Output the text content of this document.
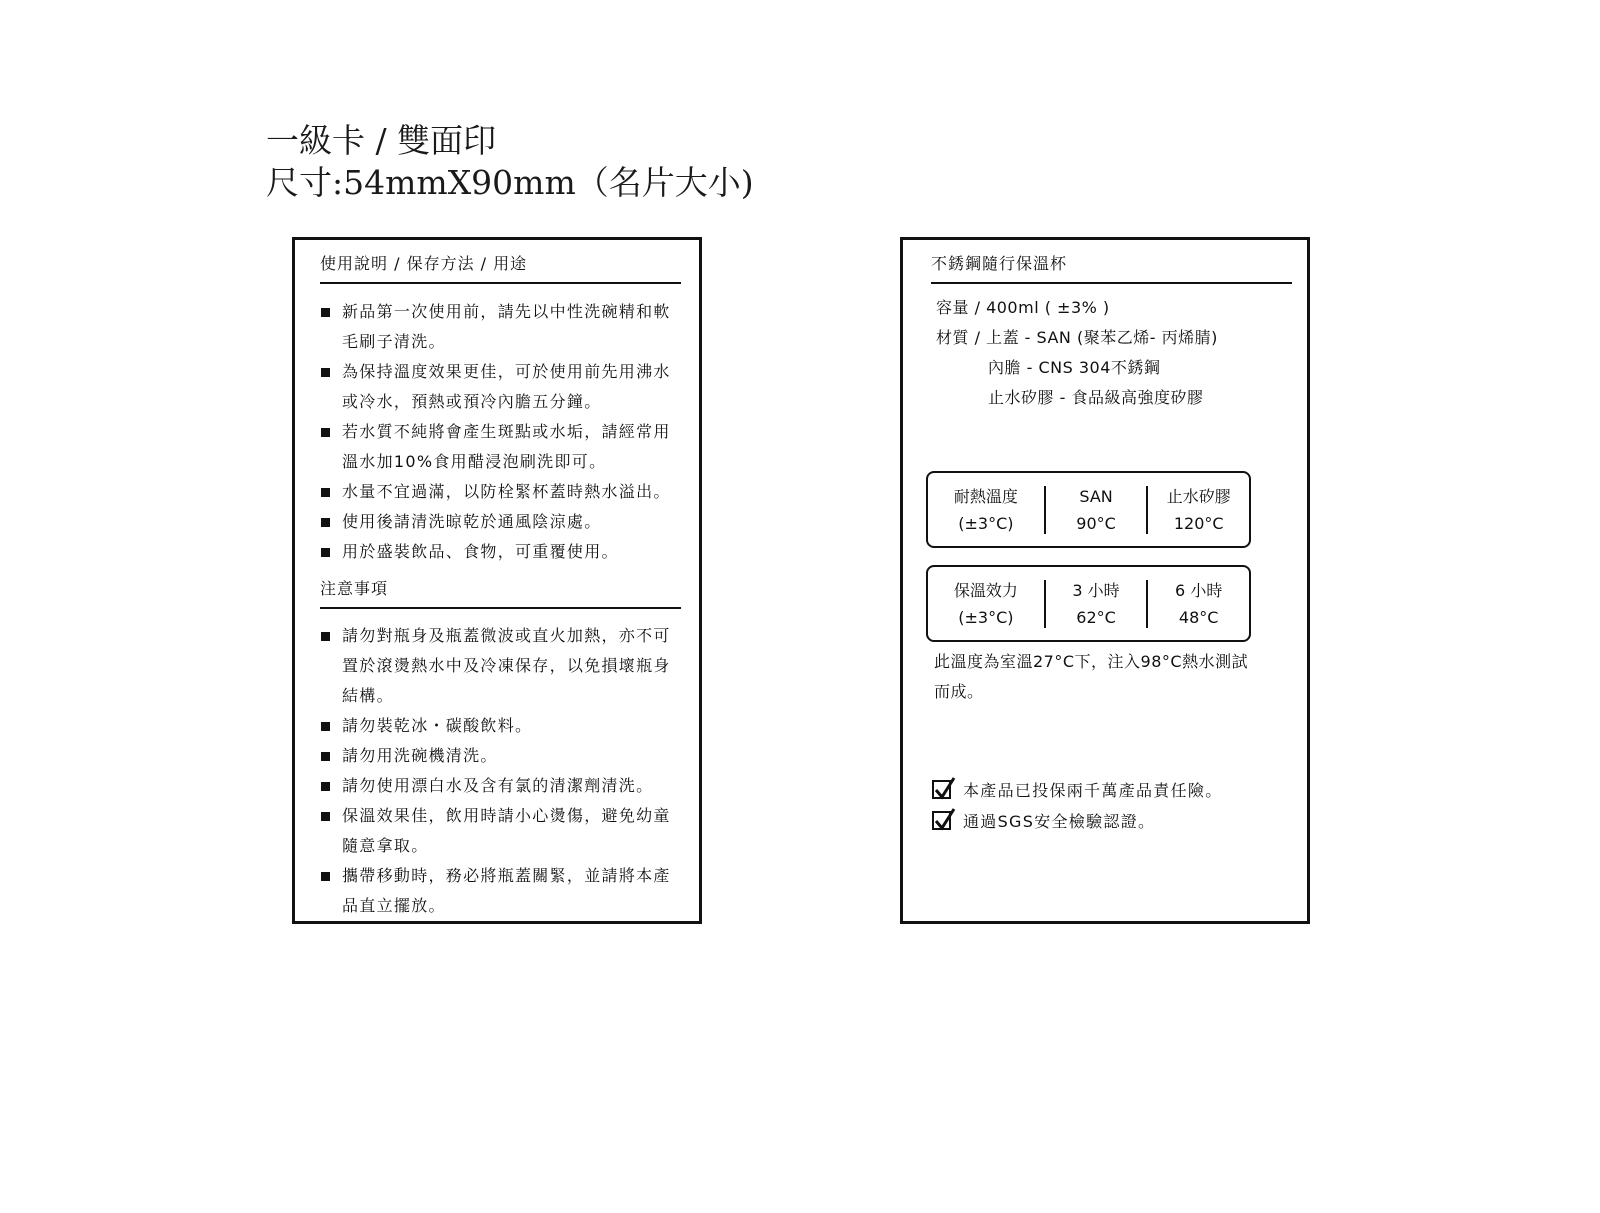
一級卡 / 雙面印
尺寸:54mmX90mm（名片大小)
使用說明 / 保存方法 / 用途
新品第一次使用前，請先以中性洗碗精和軟毛刷子清洗。
為保持溫度效果更佳，可於使用前先用沸水或冷水，預熱或預冷內膽五分鐘。
若水質不純將會產生斑點或水垢，請經常用溫水加10%食用醋浸泡刷洗即可。
水量不宜過滿，以防栓緊杯蓋時熱水溢出。
使用後請清洗晾乾於通風陰涼處。
用於盛裝飲品、食物，可重覆使用。
注意事項
請勿對瓶身及瓶蓋微波或直火加熱，亦不可置於滾燙熱水中及冷凍保存，以免損壞瓶身結構。
請勿裝乾冰・碳酸飲料。
請勿用洗碗機清洗。
請勿使用漂白水及含有氯的清潔劑清洗。
保溫效果佳，飲用時請小心燙傷，避免幼童隨意拿取。
攜帶移動時，務必將瓶蓋關緊，並請將本產品直立擺放。
不銹鋼隨行保溫杯
容量 / 400ml ( ±3% )
材質 / 上蓋 - SAN (聚苯乙烯- 丙烯腈)
內膽 - CNS 304不銹鋼
止水矽膠 - 食品級高強度矽膠
耐熱溫度
(±3°C)
SAN
90°C
止水矽膠
120°C
保溫效力
(±3°C)
3 小時
62°C
6 小時
48°C
此溫度為室溫27°C下，注入98°C熱水測試而成。
本產品已投保兩千萬產品責任險。
通過SGS安全檢驗認證。
